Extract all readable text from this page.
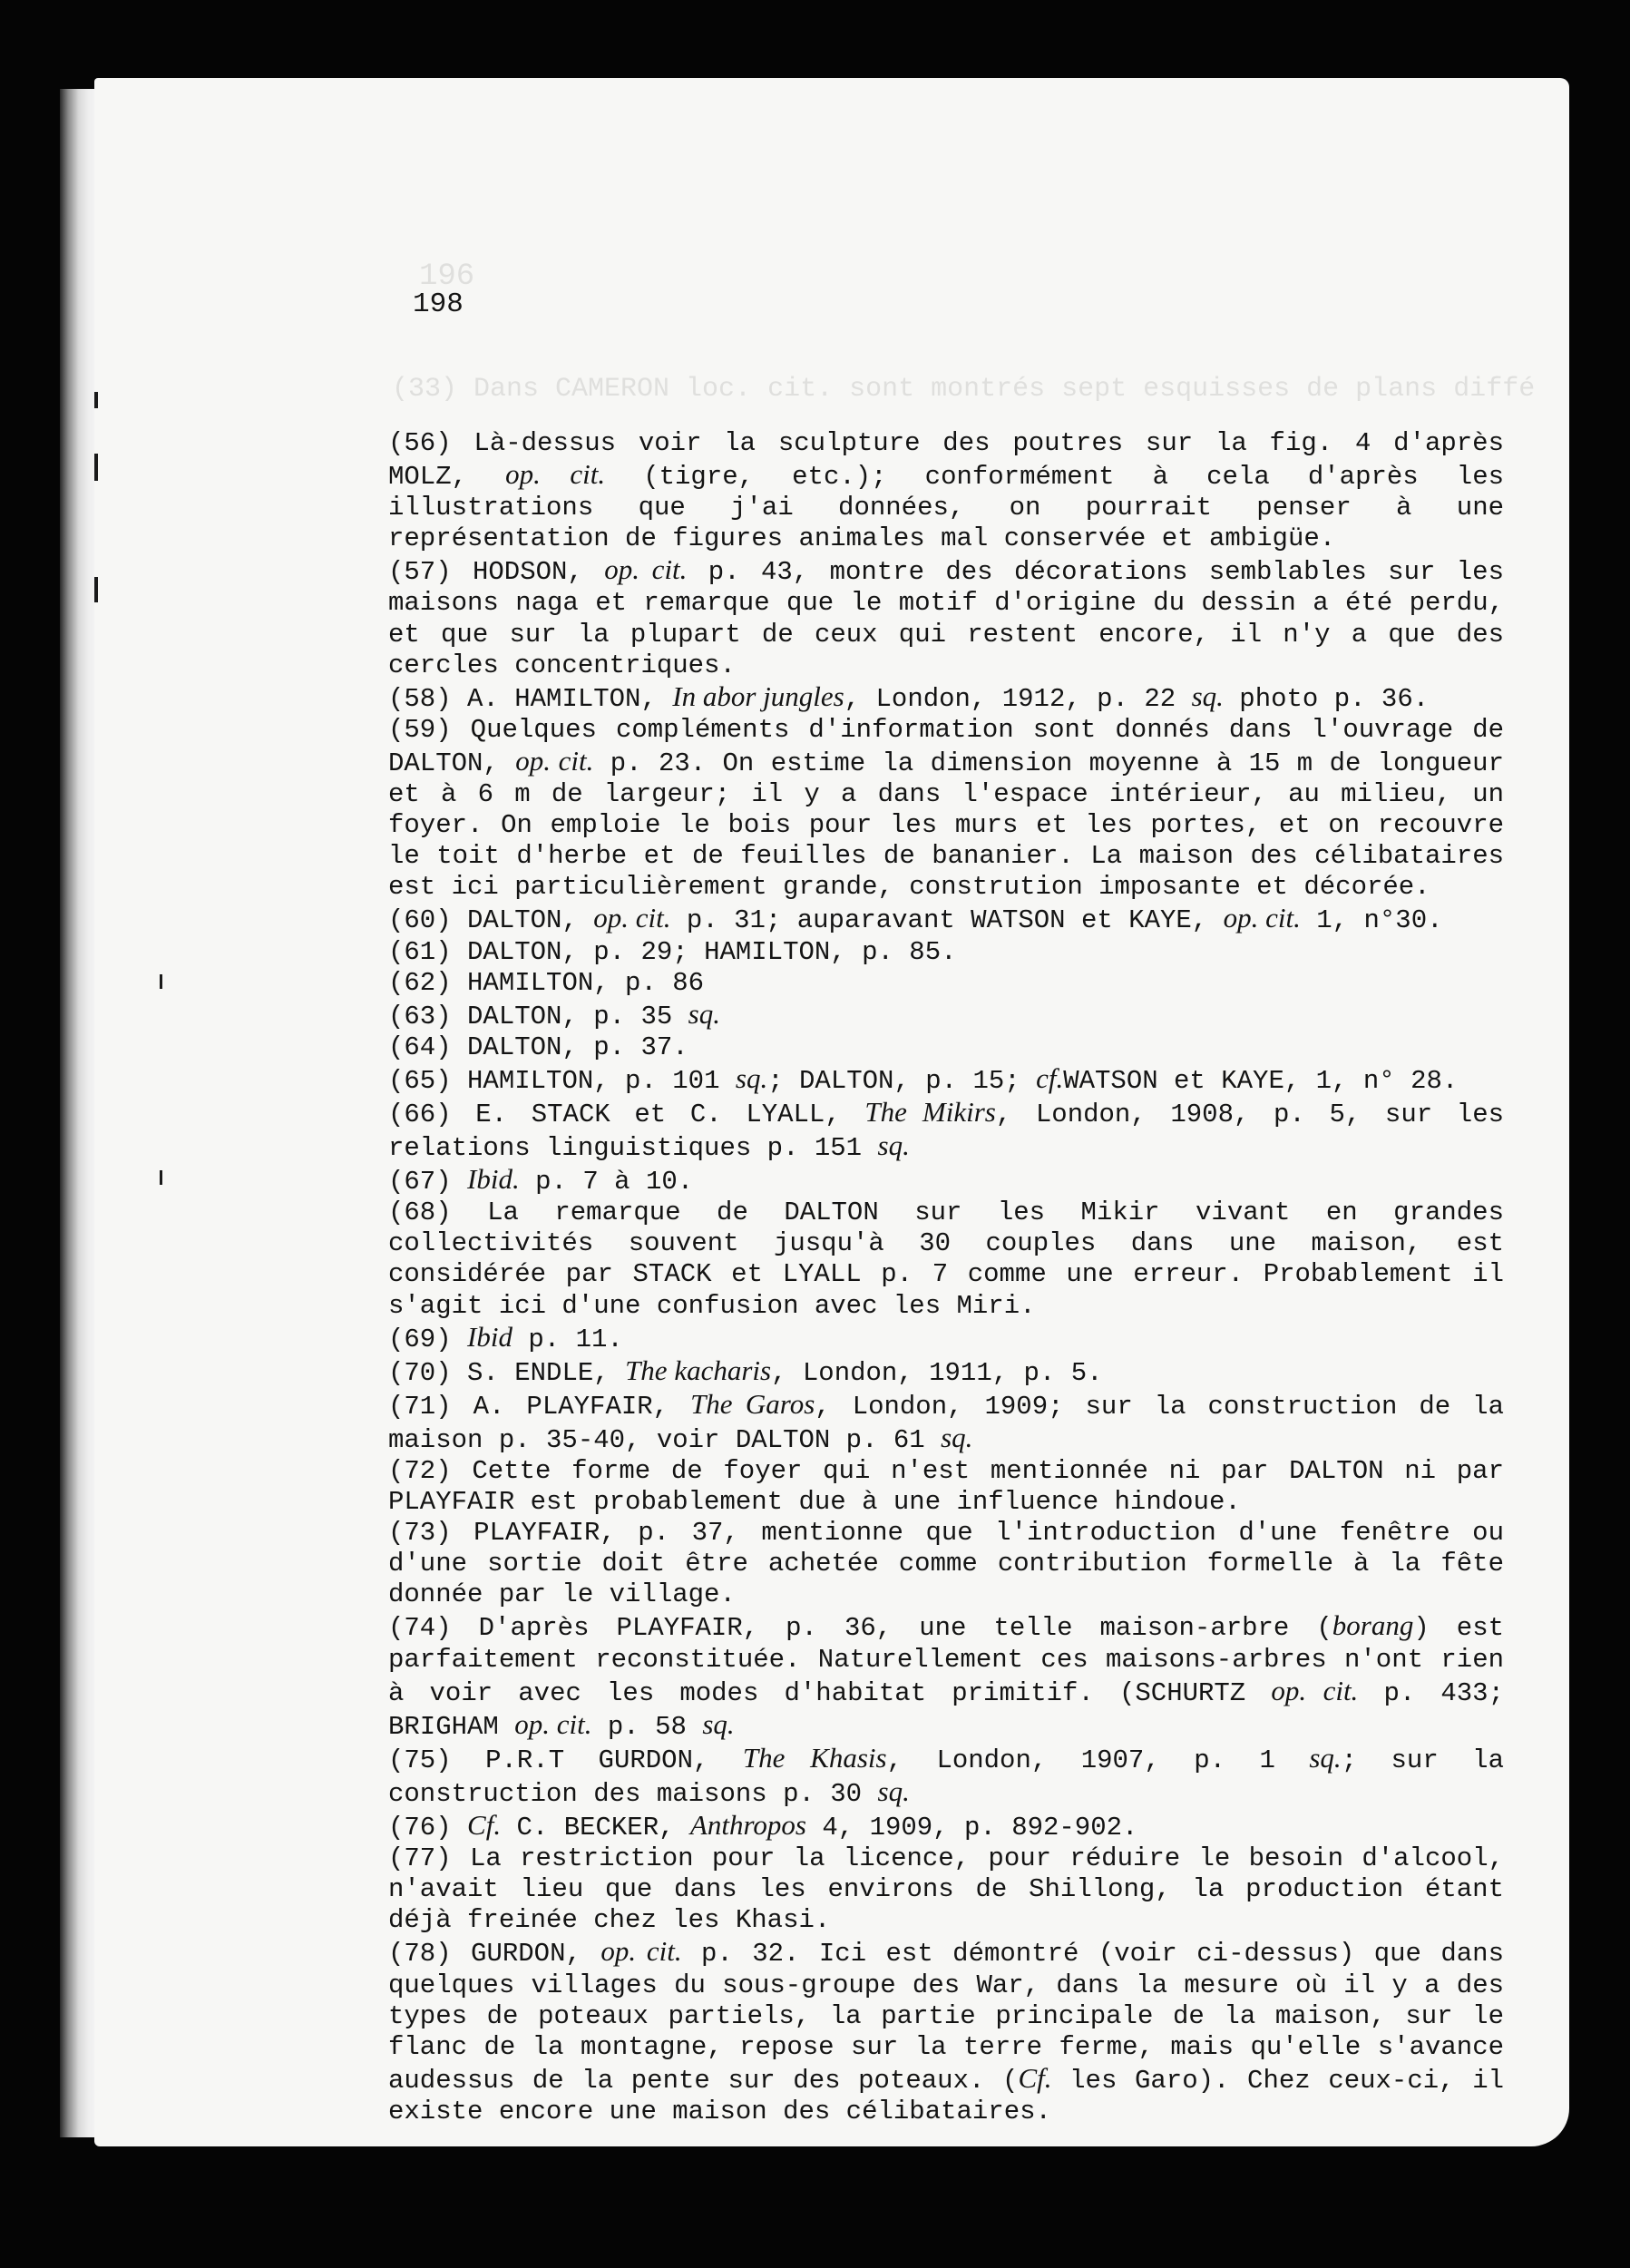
196
(33) Dans CAMERON loc. cit. sont montrés sept esquisses de plans diffé
198

(56) Là-dessus voir la sculpture des poutres sur la fig. 4 d'après MOLZ, op. cit. (tigre, etc.); conformément à cela d'après les illustrations que j'ai données, on pourrait penser à une représentation de figures animales mal conservée et ambigüe.

(57) HODSON, op. cit. p. 43, montre des décorations semblables sur les maisons naga et remarque que le motif d'origine du dessin a été perdu, et que sur la plupart de ceux qui restent encore, il n'y a que des cercles concentriques.

(58) A. HAMILTON, In abor jungles, London, 1912, p. 22 sq. photo p. 36.

(59) Quelques compléments d'information sont donnés dans l'ouvrage de DALTON, op. cit. p. 23. On estime la dimension moyenne à 15 m de longueur et à 6 m de largeur; il y a dans l'espace intérieur, au milieu, un foyer. On emploie le bois pour les murs et les portes, et on recouvre le toit d'herbe et de feuilles de bananier. La maison des célibataires est ici particulièrement grande, constrution imposante et décorée.

(60) DALTON, op. cit. p. 31; auparavant WATSON et KAYE, op. cit. 1, n°30.

(61) DALTON, p. 29; HAMILTON, p. 85.

(62) HAMILTON, p. 86

(63) DALTON, p. 35 sq.

(64) DALTON, p. 37.

(65) HAMILTON, p. 101 sq.; DALTON, p. 15; cf.WATSON et KAYE, 1, n° 28.

(66) E. STACK et C. LYALL, The Mikirs, London, 1908, p. 5, sur les relations linguistiques p. 151 sq.

(67) Ibid. p. 7 à 10.

(68) La remarque de DALTON sur les Mikir vivant en grandes collectivités souvent jusqu'à 30 couples dans une maison, est considérée par STACK et LYALL p. 7 comme une erreur. Probablement il s'agit ici d'une confusion avec les Miri.

(69) Ibid p. 11.

(70) S. ENDLE, The kacharis, London, 1911, p. 5.

(71) A. PLAYFAIR, The Garos, London, 1909; sur la construction de la maison p. 35-40, voir DALTON p. 61 sq.

(72) Cette forme de foyer qui n'est mentionnée ni par DALTON ni par PLAYFAIR est probablement due à une influence hindoue.

(73) PLAYFAIR, p. 37, mentionne que l'introduction d'une fenêtre ou d'une sortie doit être achetée comme contribution formelle à la fête donnée par le village.

(74) D'après PLAYFAIR, p. 36, une telle maison-arbre (borang) est parfaitement reconstituée. Naturellement ces maisons-arbres n'ont rien à voir avec les modes d'habitat primitif. (SCHURTZ op. cit. p. 433; BRIGHAM op. cit. p. 58 sq.

(75) P.R.T GURDON, The Khasis, London, 1907, p. 1 sq.; sur la construction des maisons p. 30 sq.

(76) Cf. C. BECKER, Anthropos 4, 1909, p. 892-902.

(77) La restriction pour la licence, pour réduire le besoin d'alcool, n'avait lieu que dans les environs de Shillong, la production étant déjà freinée chez les Khasi.

(78) GURDON, op. cit. p. 32. Ici est démontré (voir ci-dessus) que dans quelques villages du sous-groupe des War, dans la mesure où il y a des types de poteaux partiels, la partie principale de la maison, sur le flanc de la montagne, repose sur la terre ferme, mais qu'elle s'avance audessus de la pente sur des poteaux. (Cf. les Garo). Chez ceux-ci, il existe encore une maison des célibataires.
